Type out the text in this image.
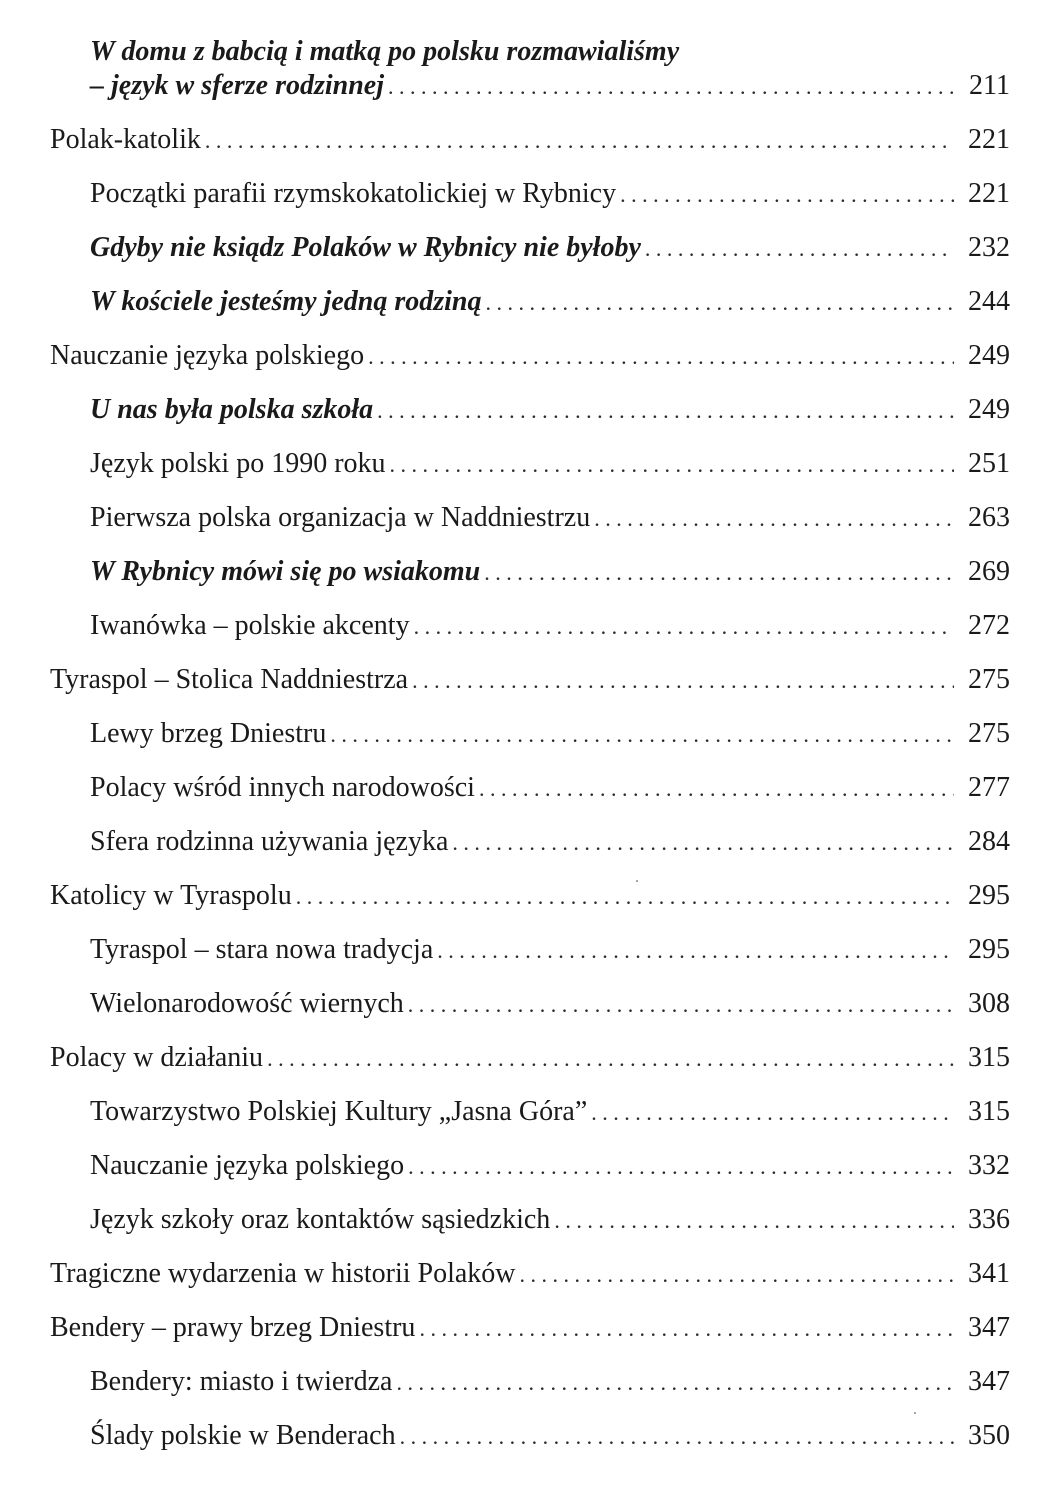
W domu z babcią i matką po polsku rozmawialiśmy
– język w sferze rodzinnej . . .	211
Polak-katolik . . .	221
Początki parafii rzymskokatolickiej w Rybnicy . . .	221
Gdyby nie ksiądz Polaków w Rybnicy nie byłoby . . .	232
W kościele jesteśmy jedną rodziną . . .	244
Nauczanie języka polskiego . . .	249
U nas była polska szkoła . . .	249
Język polski po 1990 roku . . .	251
Pierwsza polska organizacja w Naddniestrzu . . .	263
W Rybnicy mówi się po wsiakomu . . .	269
Iwanówka – polskie akcenty . . .	272
Tyraspol – Stolica Naddniestrza . . .	275
Lewy brzeg Dniestru . . .	275
Polacy wśród innych narodowości . . .	277
Sfera rodzinna używania języka . . .	284
Katolicy w Tyraspolu . . .	295
Tyraspol – stara nowa tradycja . . .	295
Wielonarodowość wiernych . . .	308
Polacy w działaniu . . .	315
Towarzystwo Polskiej Kultury „Jasna Góra” . . .	315
Nauczanie języka polskiego . . .	332
Język szkoły oraz kontaktów sąsiedzkich . . .	336
Tragiczne wydarzenia w historii Polaków . . .	341
Bendery – prawy brzeg Dniestru . . .	347
Bendery: miasto i twierdza . . .	347
Ślady polskie w Benderach . . .	350
